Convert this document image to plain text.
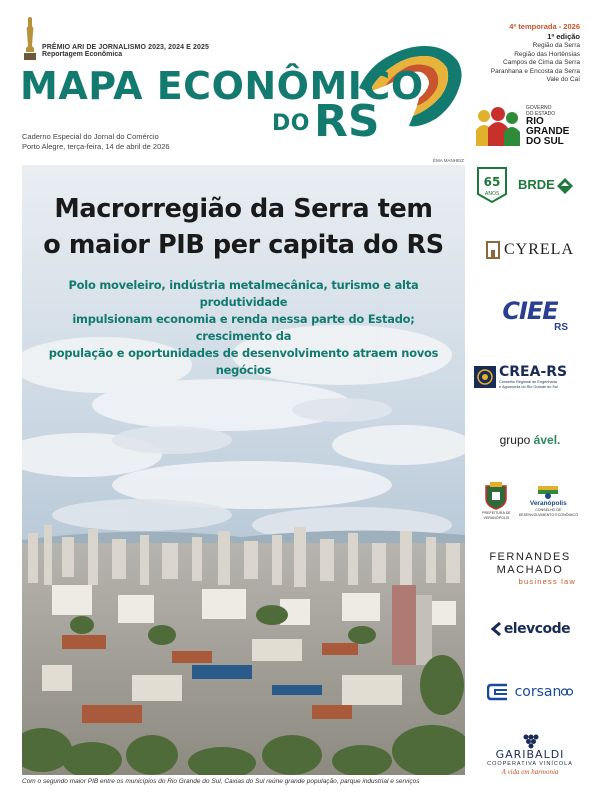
PRÊMIO ARI DE JORNALISMO 2023, 2024 E 2025
Reportagem Econômica
MAPA ECONÔMICO
DORS
Caderno Especial do Jornal do Comércio
Porto Alegre, terça-feira, 14 de abril de 2026
ÉMA MANHEIZ
4ª temporada - 2026
1ª edição
Região da Serra
Região das Hortênsias
Campos de Cima da Serra
Paranhana e Encosta da Serra
Vale do Caí
Macrorregião da Serra tem
o maior PIB per capita do RS
Polo moveleiro, indústria metalmecânica, turismo e alta produtividade
impulsionam economia e renda nessa parte do Estado; crescimento da
população e oportunidades de desenvolvimento atraem novos negócios
Com o segundo maior PIB entre os municípios do Rio Grande do Sul, Caxias do Sul reúne grande população, parque industrial e serviços
GOVERNO
DO ESTADO
RIO
GRANDE
DO SUL
65
ANOS
BRDE
CYRELA
CIEE
RS
CREA-RS
Conselho Regional de Engenharia
e Agronomia do Rio Grande do Sul
grupo ável.
PREFEITURA DE
VERANÓPOLIS
Veranópolis
CONSELHO DE
DESENVOLVIMENTO ECONÔMICO
FERNANDES
MACHADO
business law
elevcode
corsan
GARIBALDI
COOPERATIVA VINÍCOLA
A vida em harmonia
